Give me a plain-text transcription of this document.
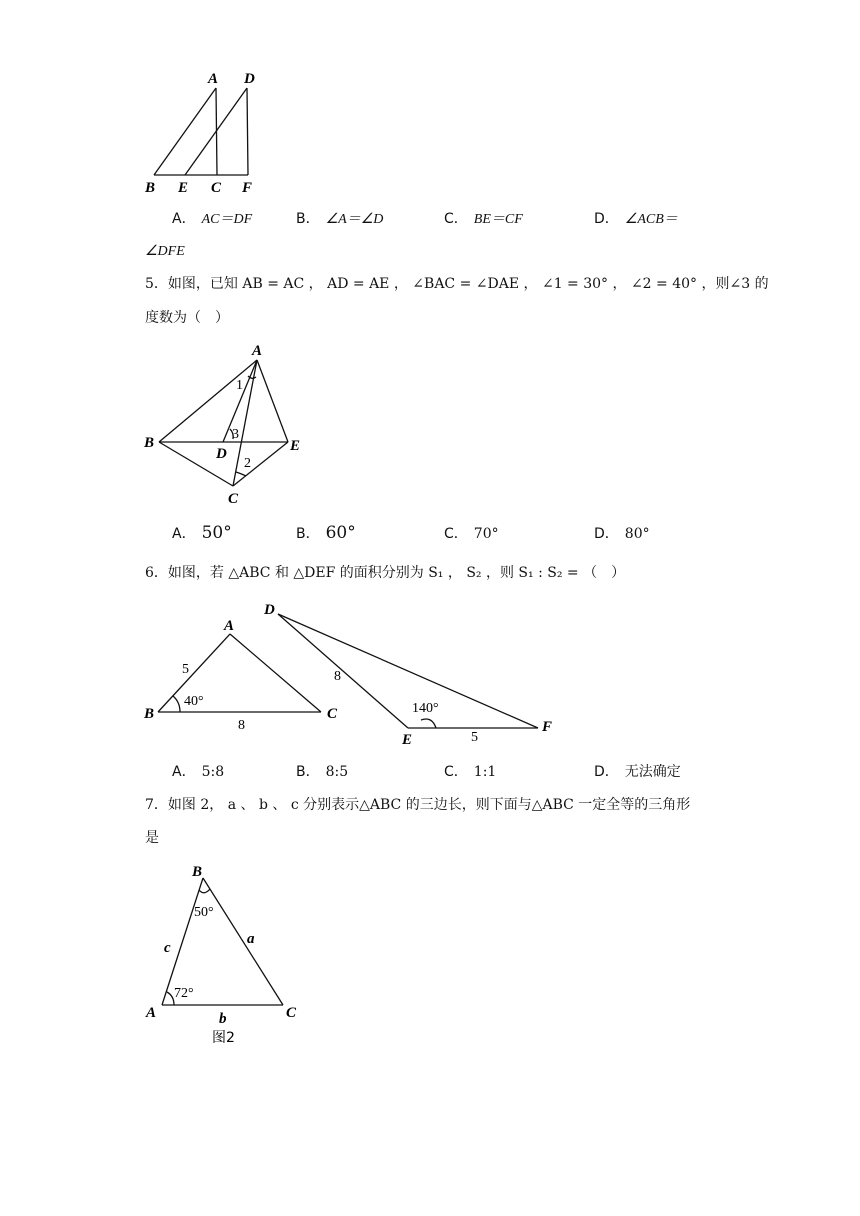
A D
B E C F
A． AC＝DF	B． ∠A＝∠D	C． BE＝CF	D． ∠ACB＝
∠DFE
5．如图，已知 AB = AC ， AD = AE ， ∠BAC = ∠DAE ， ∠1 = 30° ， ∠2 = 40° ，则∠3 的
度数为（　）
A
B	E
D
C
1
3
2
A． 50°	B． 60°	C． 70°	D． 80°
6．如图，若 △ABC 和 △DEF 的面积分别为 S₁ ， S₂ ，则 S₁ : S₂ = （　）
A
B	C
5
40°
8
D
E
F
8
140°
5
A． 5:8	B． 8:5	C． 1:1	D． 无法确定
7．如图 2， a 、 b 、 c 分别表示△ABC 的三边长，则下面与△ABC 一定全等的三角形
是
B
A	C
50°
72°
c
a
b
图2
